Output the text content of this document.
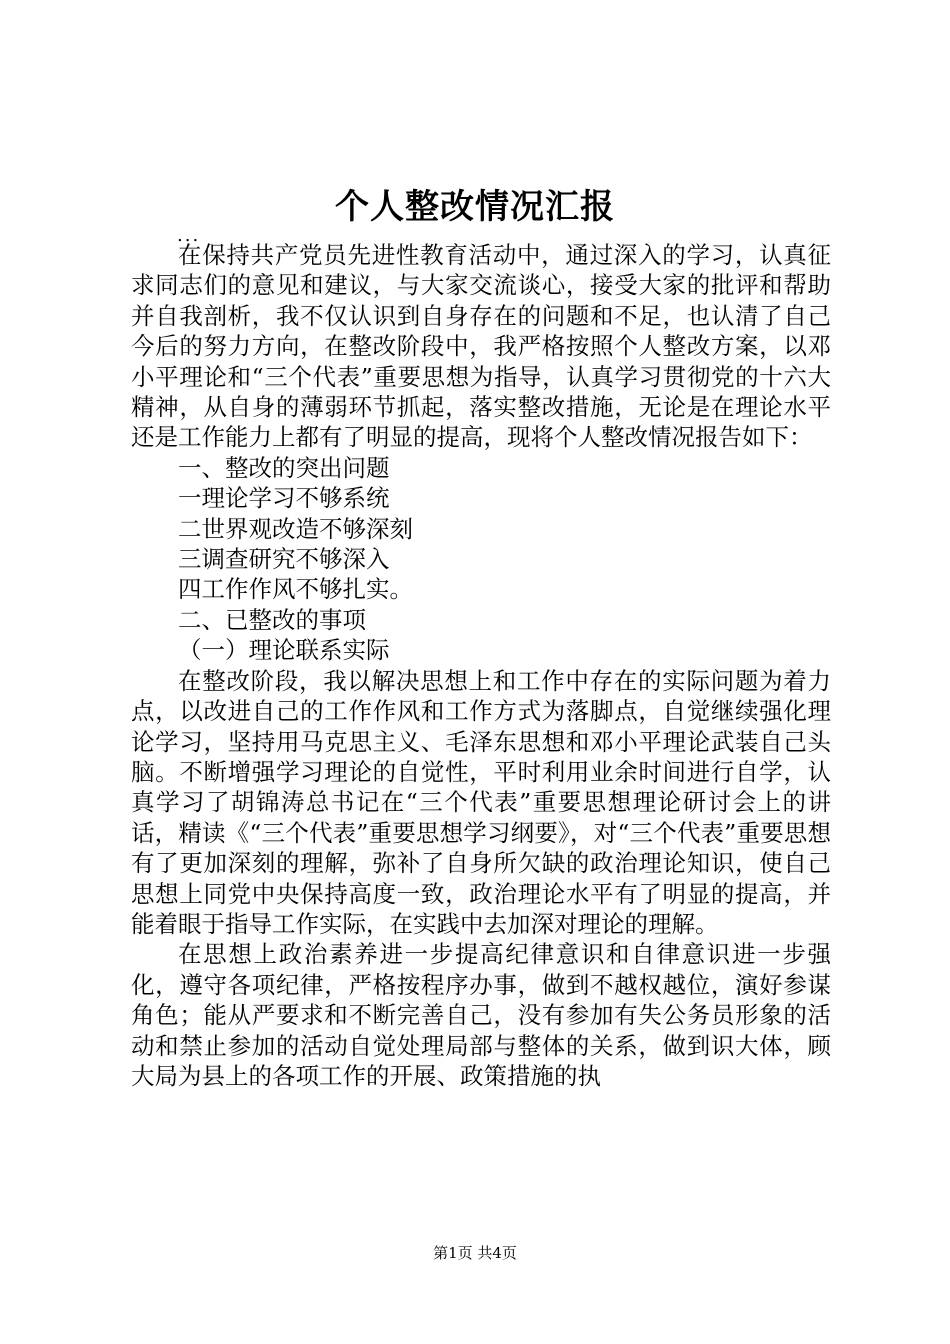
个人整改情况汇报
...

在保持共产党员先进性教育活动中，通过深入的学习，认真征求同志们的意见和建议，与大家交流谈心，接受大家的批评和帮助并自我剖析，我不仅认识到自身存在的问题和不足，也认清了自己今后的努力方向，在整改阶段中，我严格按照个人整改方案，以邓小平理论和“三个代表”重要思想为指导，认真学习贯彻党的十六大精神，从自身的薄弱环节抓起，落实整改措施，无论是在理论水平还是工作能力上都有了明显的提高，现将个人整改情况报告如下：

一、整改的突出问题

一理论学习不够系统

二世界观改造不够深刻

三调查研究不够深入

四工作作风不够扎实。

二、已整改的事项

（一）理论联系实际

在整改阶段，我以解决思想上和工作中存在的实际问题为着力点，以改进自己的工作作风和工作方式为落脚点，自觉继续强化理论学习，坚持用马克思主义、毛泽东思想和邓小平理论武装自己头脑。不断增强学习理论的自觉性，平时利用业余时间进行自学，认真学习了胡锦涛总书记在“三个代表”重要思想理论研讨会上的讲话，精读《“三个代表”重要思想学习纲要》，对“三个代表”重要思想有了更加深刻的理解，弥补了自身所欠缺的政治理论知识，使自己思想上同党中央保持高度一致，政治理论水平有了明显的提高，并能着眼于指导工作实际，在实践中去加深对理论的理解。

在思想上政治素养进一步提高纪律意识和自律意识进一步强化，遵守各项纪律，严格按程序办事，做到不越权越位，演好参谋角色；能从严要求和不断完善自己，没有参加有失公务员形象的活动和禁止参加的活动自觉处理局部与整体的关系，做到识大体，顾大局为县上的各项工作的开展、政策措施的执

第1页 共4页
